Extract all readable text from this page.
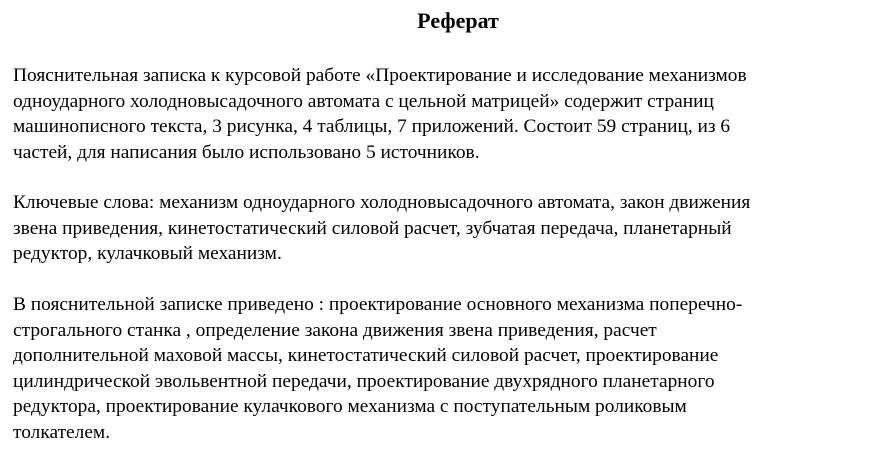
Реферат

Пояснительная записка к курсовой работе «Проектирование и исследование механизмов
одноударного холодновысадочного автомата с цельной матрицей» содержит страниц
машинописного текста, 3 рисунка, 4 таблицы, 7 приложений. Состоит 59 страниц, из 6
частей, для написания было использовано 5 источников.

Ключевые слова: механизм одноударного холодновысадочного автомата, закон движения
звена приведения, кинетостатический силовой расчет, зубчатая передача, планетарный
редуктор, кулачковый механизм.

В пояснительной записке приведено : проектирование основного механизма поперечно-
строгального станка , определение закона движения звена приведения, расчет
дополнительной маховой массы, кинетостатический силовой расчет, проектирование
цилиндрической эвольвентной передачи, проектирование двухрядного планетарного
редуктора, проектирование кулачкового механизма с поступательным роликовым
толкателем.
